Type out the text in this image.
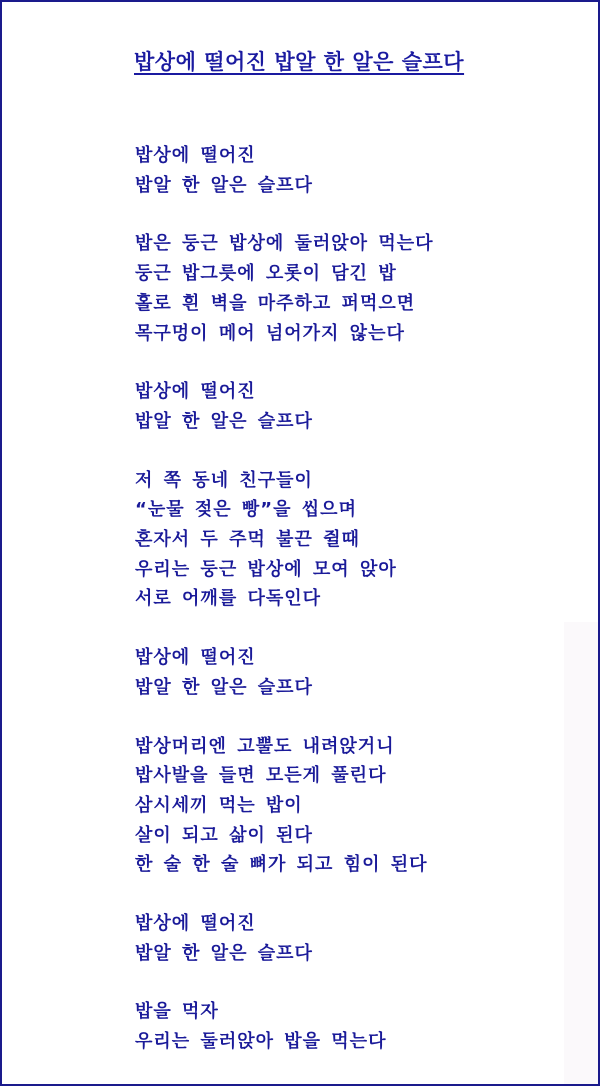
밥상에 떨어진 밥알 한 알은 슬프다
밥상에 떨어진
밥알 한 알은 슬프다
밥은 둥근 밥상에 둘러앉아 먹는다
둥근 밥그릇에 오롯이 담긴 밥
홀로 흰 벽을 마주하고 퍼먹으면
목구멍이 메어 넘어가지 않는다
밥상에 떨어진
밥알 한 알은 슬프다
저 쪽 동네 친구들이
“눈물 젖은 빵”을 씹으며
혼자서 두 주먹 불끈 쥘때
우리는 둥근 밥상에 모여 앉아
서로 어깨를 다독인다
밥상에 떨어진
밥알 한 알은 슬프다
밥상머리엔 고뿔도 내려앉거니
밥사발을 들면 모든게 풀린다
삼시세끼 먹는 밥이
살이 되고 삶이 된다
한 술 한 술 뼈가 되고 힘이 된다
밥상에 떨어진
밥알 한 알은 슬프다
밥을 먹자
우리는 둘러앉아 밥을 먹는다
